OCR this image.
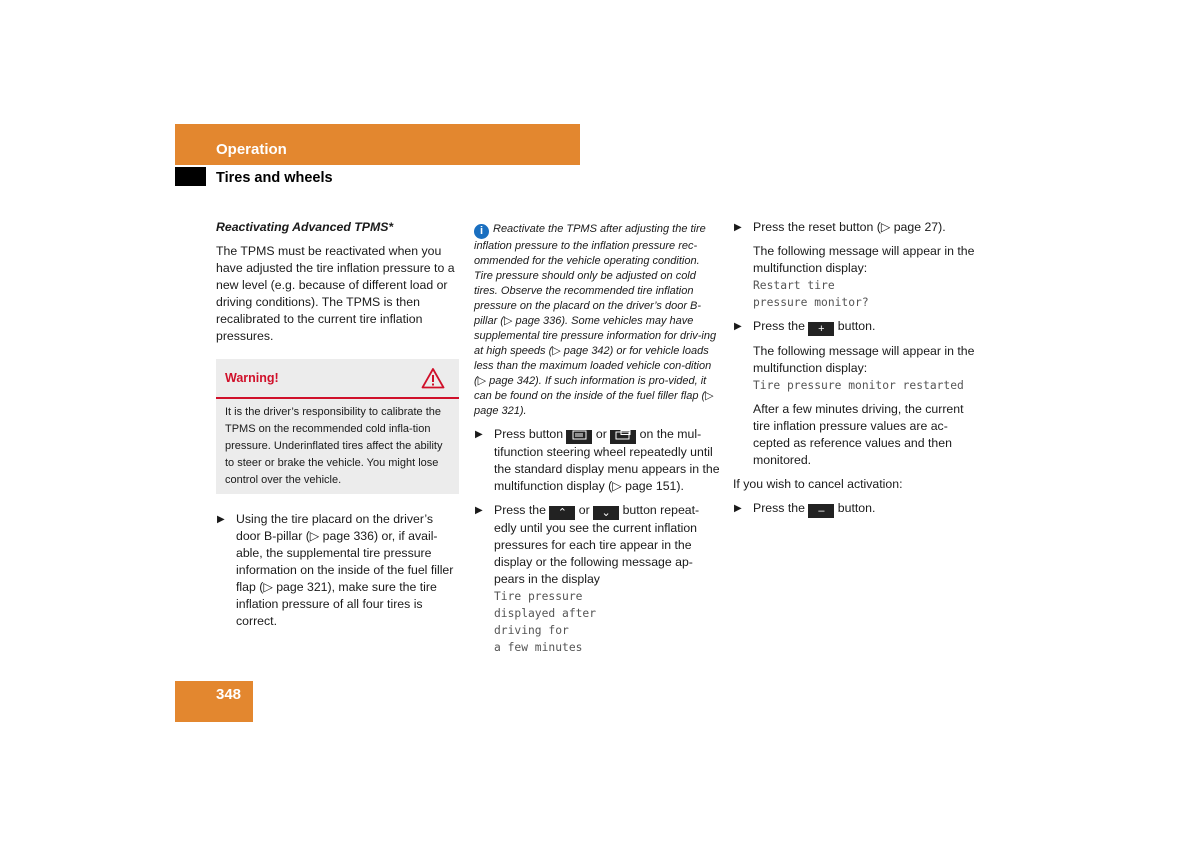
Operation
Tires and wheels

Reactivating Advanced TPMS*

The TPMS must be reactivated when you have adjusted the tire inflation pressure to a new level (e.g. because of different load or driving conditions). The TPMS is then recalibrated to the current tire inflation pressures.

Warning!
It is the driver’s responsibility to calibrate the TPMS on the recommended cold infla-tion pressure. Underinflated tires affect the ability to steer or brake the vehicle. You might lose control over the vehicle.
▶ Using the tire placard on the driver’s door B-pillar (▷ page 336) or, if avail-able, the supplemental tire pressure information on the inside of the fuel filler flap (▷ page 321), make sure the tire inflation pressure of all four tires is correct.

i Reactivate the TPMS after adjusting the tire inflation pressure to the inflation pressure rec-ommended for the vehicle operating condition. Tire pressure should only be adjusted on cold tires. Observe the recommended tire inflation pressure on the placard on the driver’s door B-pillar (▷ page 336). Some vehicles may have supplemental tire pressure information for driv-ing at high speeds (▷ page 342) or for vehicle loads less than the maximum loaded vehicle con-dition (▷ page 342). If such information is pro-vided, it can be found on the inside of the fuel filler flap (▷ page 321).

▶ Press button	or	on the mul-tifunction steering wheel repeatedly until the standard display menu appears in the multifunction display (▷ page 151).
▶ Press the ⌃ or ⌄ button repeat-edly until you see the current inflation pressures for each tire appear in the display or the following message ap-pears in the display
Tire pressure
displayed after
driving for
a few minutes
▶ Press the reset button (▷ page 27).

The following message will appear in the multifunction display:

Restart tire
pressure monitor?
▶ Press the + button.

The following message will appear in the multifunction display:

Tire pressure monitor restarted

After a few minutes driving, the current tire inflation pressure values are ac-cepted as reference values and then monitored.

If you wish to cancel activation:

▶ Press the – button.
348
